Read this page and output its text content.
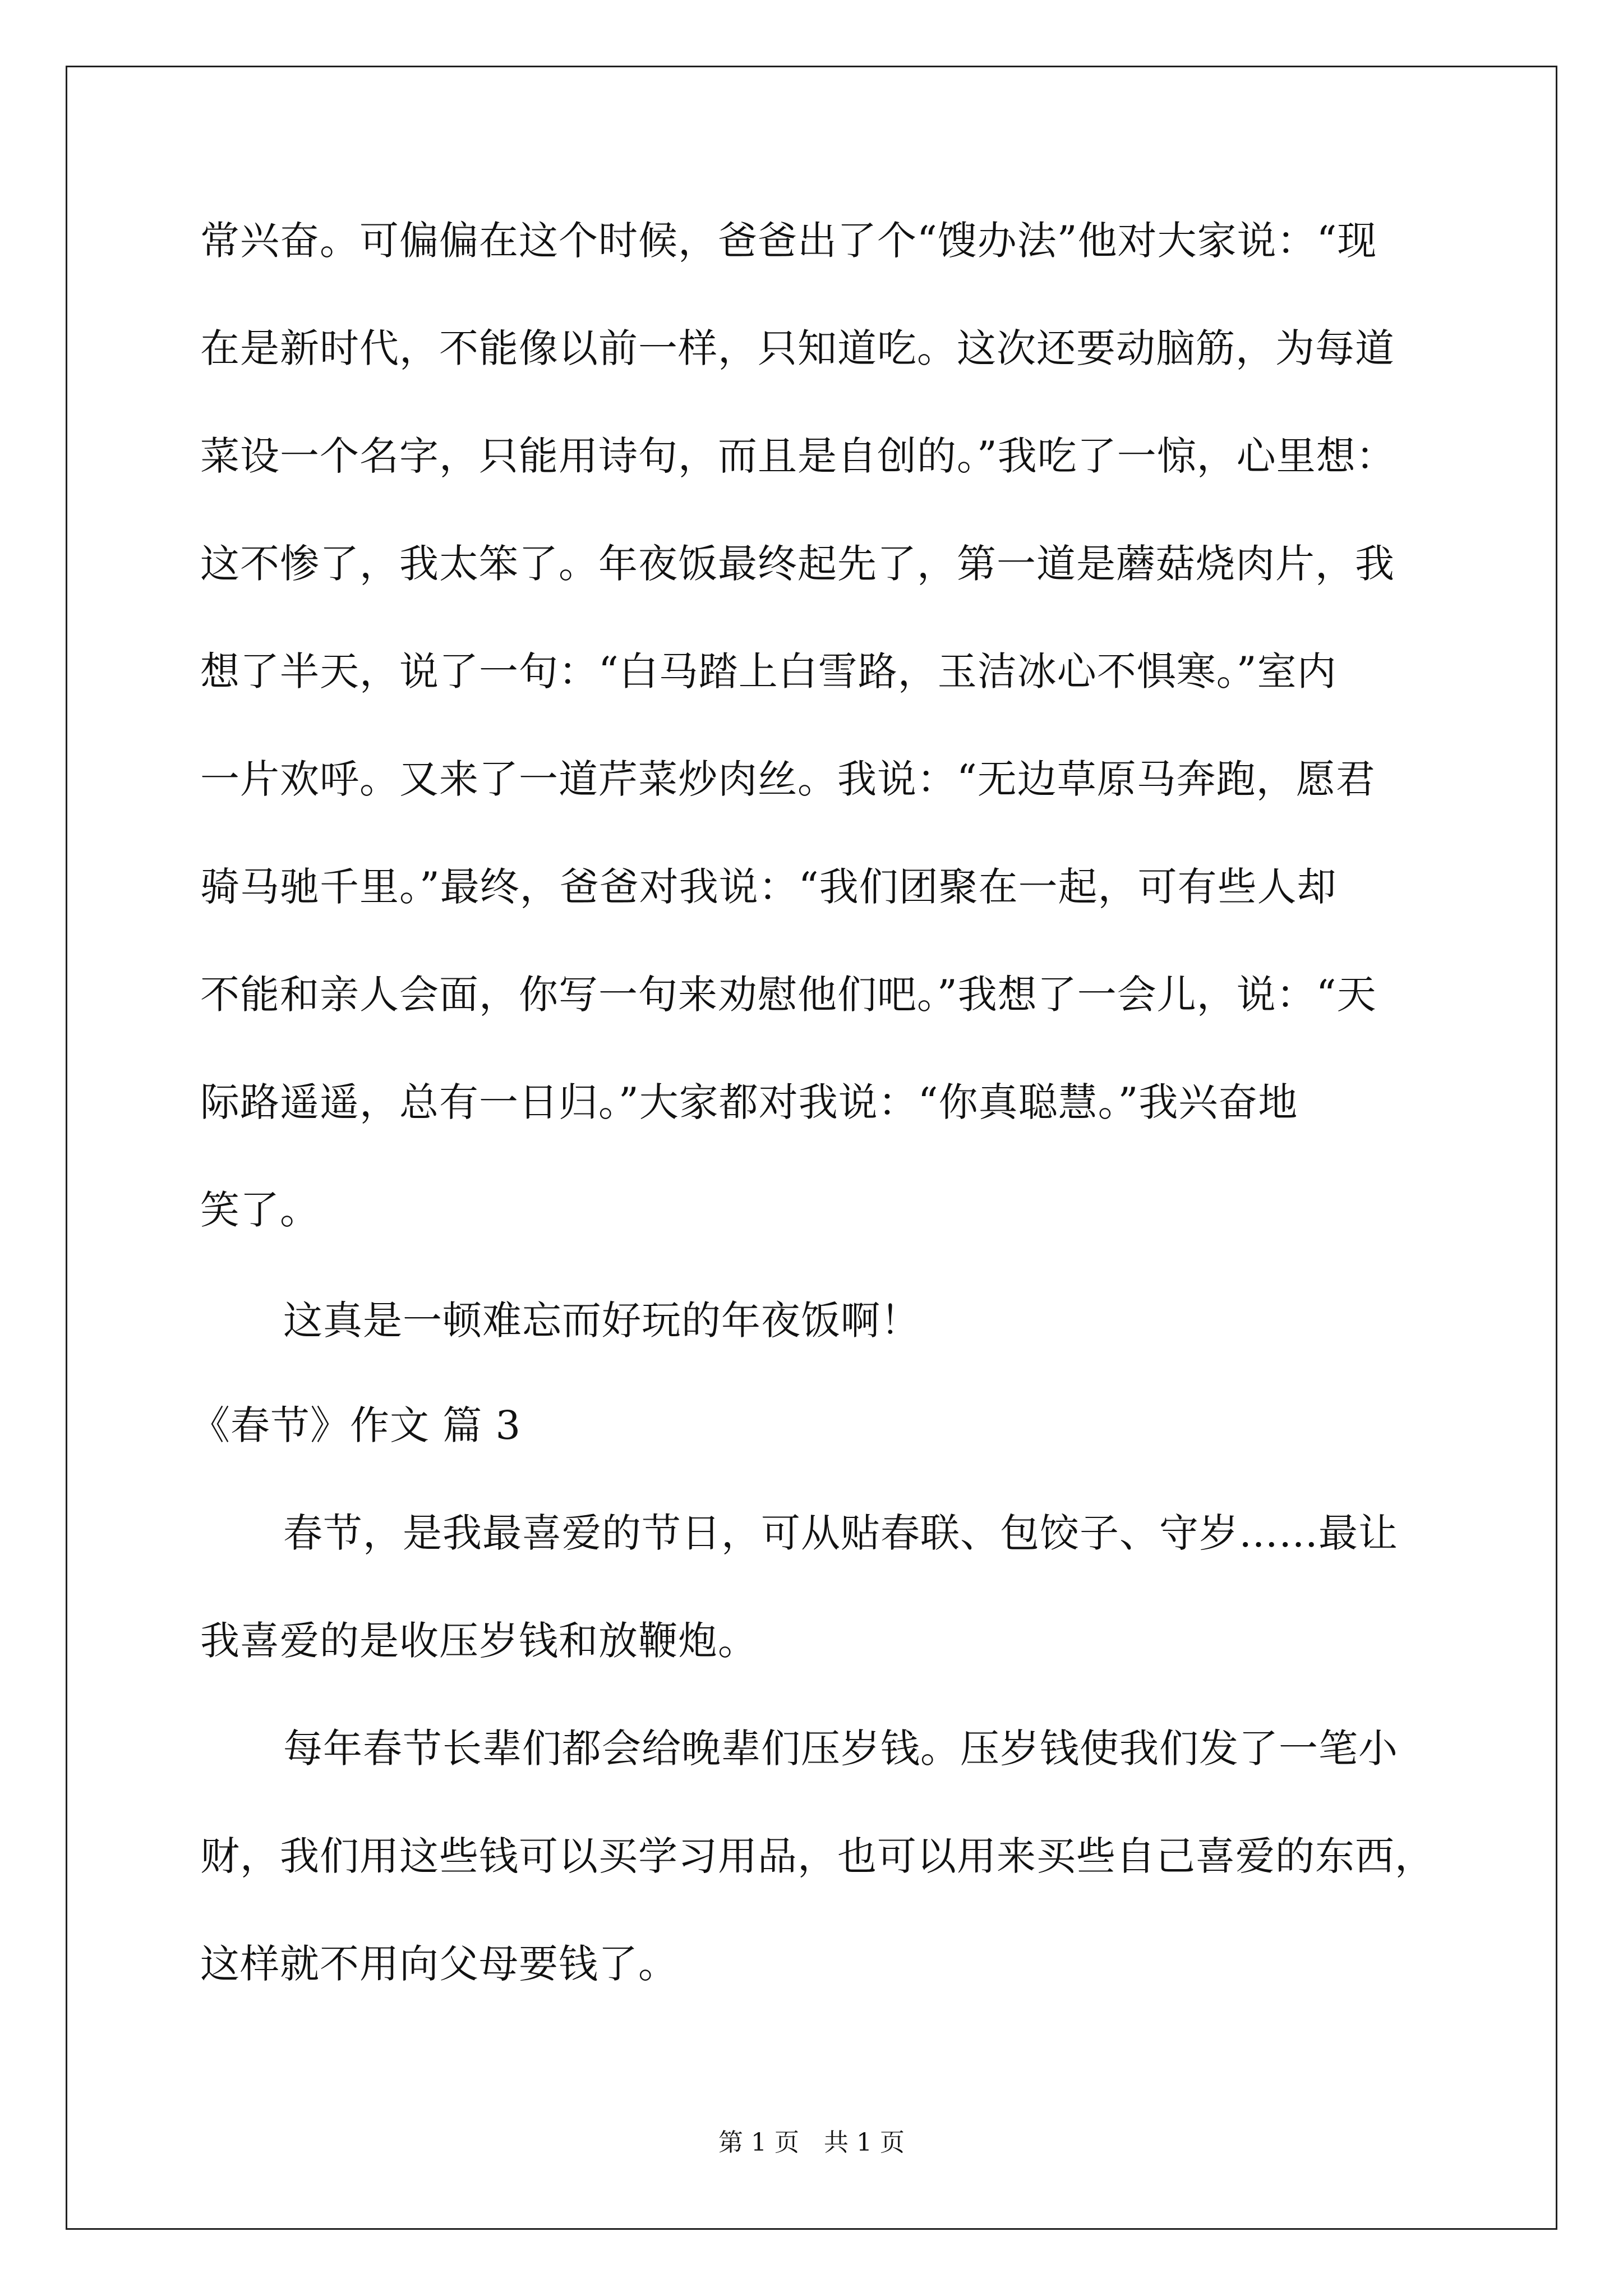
常兴奋。可偏偏在这个时候，爸爸出了个“馊办法”他对大家说：“现
在是新时代，不能像以前一样，只知道吃。这次还要动脑筋，为每道
菜设一个名字，只能用诗句，而且是自创的。”我吃了一惊，心里想：
这不惨了，我太笨了。年夜饭最终起先了，第一道是蘑菇烧肉片，我
想了半天，说了一句：“白马踏上白雪路，玉洁冰心不惧寒。”室内
一片欢呼。又来了一道芹菜炒肉丝。我说：“无边草原马奔跑，愿君
骑马驰千里。”最终，爸爸对我说：“我们团聚在一起，可有些人却
不能和亲人会面，你写一句来劝慰他们吧。”我想了一会儿，说：“天
际路遥遥，总有一日归。”大家都对我说：“你真聪慧。”我兴奋地
笑了。
这真是一顿难忘而好玩的年夜饭啊！
《春节》作文 篇 3
春节，是我最喜爱的节日，可从贴春联、包饺子、守岁……最让
我喜爱的是收压岁钱和放鞭炮。
每年春节长辈们都会给晚辈们压岁钱。压岁钱使我们发了一笔小
财，我们用这些钱可以买学习用品，也可以用来买些自己喜爱的东西，
这样就不用向父母要钱了。
第 1 页　共 1 页
